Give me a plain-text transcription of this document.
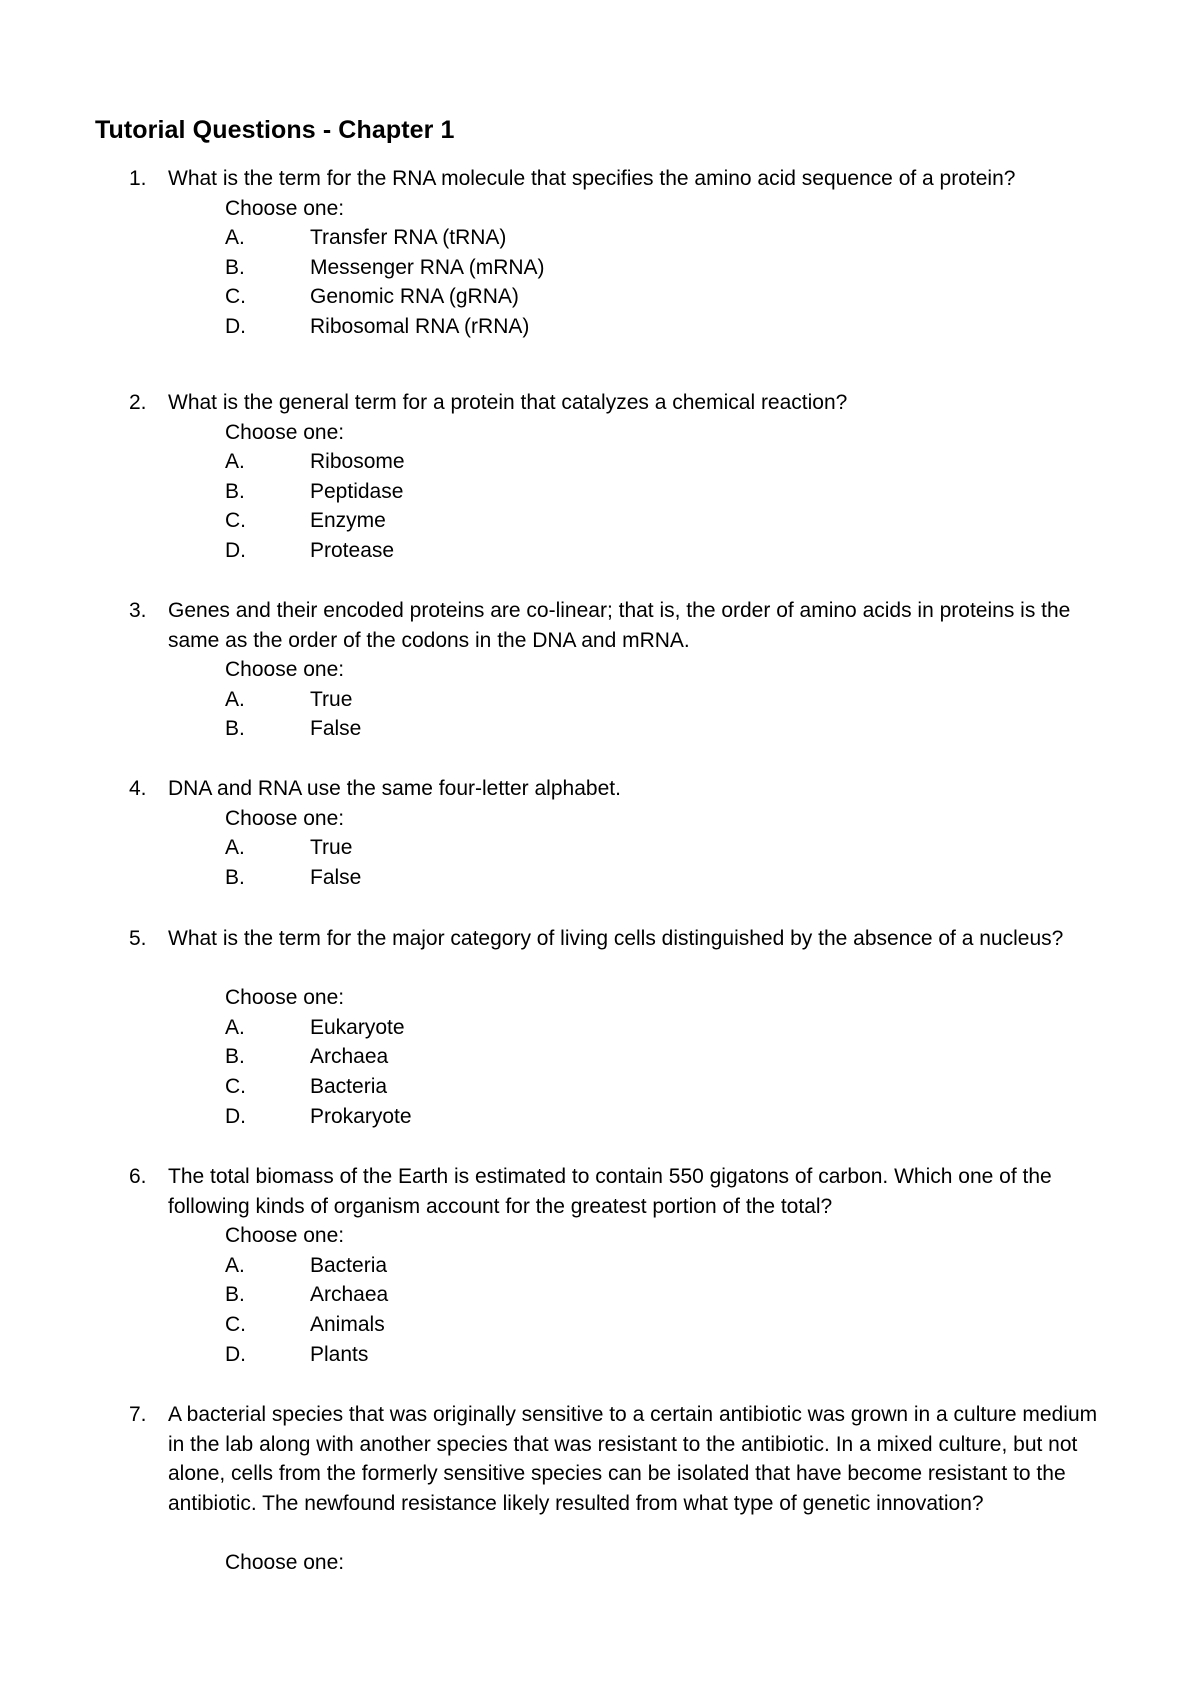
Tutorial Questions - Chapter 1
1. What is the term for the RNA molecule that specifies the amino acid sequence of a protein?
Choose one:
A.	Transfer RNA (tRNA)
B.	Messenger RNA (mRNA)
C.	Genomic RNA (gRNA)
D.	Ribosomal RNA (rRNA)
2. What is the general term for a protein that catalyzes a chemical reaction?
Choose one:
A.	Ribosome
B.	Peptidase
C.	Enzyme
D.	Protease
3. Genes and their encoded proteins are co-linear; that is, the order of amino acids in proteins is the same as the order of the codons in the DNA and mRNA.
Choose one:
A.	True
B.	False
4. DNA and RNA use the same four-letter alphabet.
Choose one:
A.	True
B.	False
5. What is the term for the major category of living cells distinguished by the absence of a nucleus?
Choose one:
A.	Eukaryote
B.	Archaea
C.	Bacteria
D.	Prokaryote
6. The total biomass of the Earth is estimated to contain 550 gigatons of carbon. Which one of the following kinds of organism account for the greatest portion of the total?
Choose one:
A.	Bacteria
B.	Archaea
C.	Animals
D.	Plants
7. A bacterial species that was originally sensitive to a certain antibiotic was grown in a culture medium in the lab along with another species that was resistant to the antibiotic. In a mixed culture, but not alone, cells from the formerly sensitive species can be isolated that have become resistant to the antibiotic. The newfound resistance likely resulted from what type of genetic innovation?
Choose one:
